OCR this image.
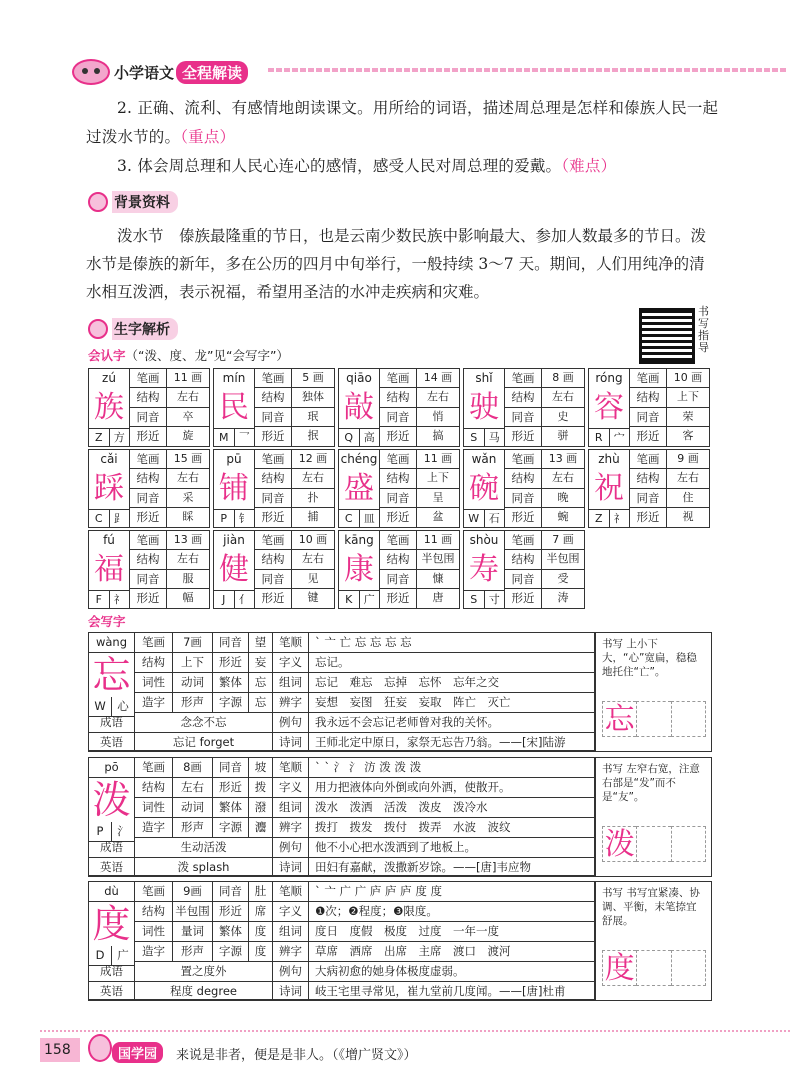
小学语文 全程解读
2. 正确、流利、有感情地朗读课文。用所给的词语，描述周总理是怎样和傣族人民一起过泼水节的。（重点）
3. 体会周总理和人民心连心的感情，感受人民对周总理的爱戴。（难点）
背景资料
泼水节　傣族最隆重的节日，也是云南少数民族中影响最大、参加人数最多的节日。泼水节是傣族的新年，多在公历的四月中旬举行，一般持续 3～7 天。期间，人们用纯净的清水相互泼洒，表示祝福，希望用圣洁的水冲走疾病和灾难。
书写指导
生字解析
会认字（“泼、度、龙”见“会写字”）
zú
族
Z	方
笔画	11 画
结构	左右
同音	卒
形近	旋
mín
民
M 乛
笔画	5 画
结构	独体
同音	珉
形近	抿
qiāo
敲
Q 高
笔画	14 画
结构	左右
同音	悄
形近	搞
shǐ
驶
S	马
笔画	8 画
结构	左右
同音	史
形近	骈
róng
容
R	宀
笔画	10 画
结构	上下
同音	荣
形近	客
cǎi
踩
C	⻊
笔画	15 画
结构	左右
同音	采
形近	睬
pū
铺
P	钅
笔画	12 画
结构	左右
同音	扑
形近	捕
chéng
盛
C	皿
笔画	11 画
结构	上下
同音	呈
形近	盆
wǎn
碗
W 石
笔画	13 画
结构	左右
同音	晚
形近	蜿
zhù
祝
Z	礻
笔画	9 画
结构	左右
同音	住
形近	视
fú
福
F	礻
笔画	13 画
结构	左右
同音	服
形近	幅
jiàn
健
J	亻
笔画	10 画
结构	左右
同音	见
形近	键
kāng
康
K	广
笔画	11 画
结构	半包围
同音	慷
形近	唐
shòu
寿
S	寸
笔画	7 画
结构	半包围
同音	受
形近	涛
会写字
wàng	笔画	7画	同音	望	笔顺	` 亠 亡 忘 忘 忘 忘
结构	上下	形近	妄	字义	忘记。
词性	动词	繁体	忘	组词	忘记　难忘　忘掉　忘怀　忘年之交
W	心	造字	形声	字源	忘	辨字	妄想　妄图　狂妄　妄取　阵亡　灭亡
成语	念念不忘	例句	我永远不会忘记老师曾对我的关怀。
英语	忘记 forget	诗词	王师北定中原日，家祭无忘告乃翁。——[宋]陆游
忘
书写 上小下大，“心”宽扁，稳稳地托住“亡”。
忘
pō	笔画	8画	同音	坡	笔顺	` ` 氵 氵 汸 泼 泼 泼
结构	左右	形近	拨	字义	用力把液体向外倒或向外洒，使散开。
词性	动词	繁体	潑	组词	泼水　泼洒　活泼　泼皮　泼冷水
P	氵	造字	形声	字源	灋	辨字	拨打　拨发　拨付　拨弄　水波　波纹
成语	生动活泼	例句	他不小心把水泼洒到了地板上。
英语	泼 splash	诗词	田妇有嘉献，泼撒新岁馀。——[唐]韦应物
泼
书写 左窄右宽，注意右部是“发”而不是“友”。
泼
dù	笔画	9画	同音	肚	笔顺	` 亠 广 广 庐 庐 庐 度 度
结构 半包围 形近	席	字义	❶次；❷程度；❸限度。
词性	量词	繁体	度	组词	度日　度假　极度　过度　一年一度
D	广	造字	形声	字源	度	辨字	草席　酒席　出席　主席　渡口　渡河
成语	置之度外	例句	大病初愈的她身体极度虚弱。
英语	程度 degree	诗词	岐王宅里寻常见，崔九堂前几度闻。——[唐]杜甫
度
书写 书写宜紧凑、协调、平衡，末笔捺宜舒展。
度
158	国学园	来说是非者，便是是非人。（《增广贤文》）
